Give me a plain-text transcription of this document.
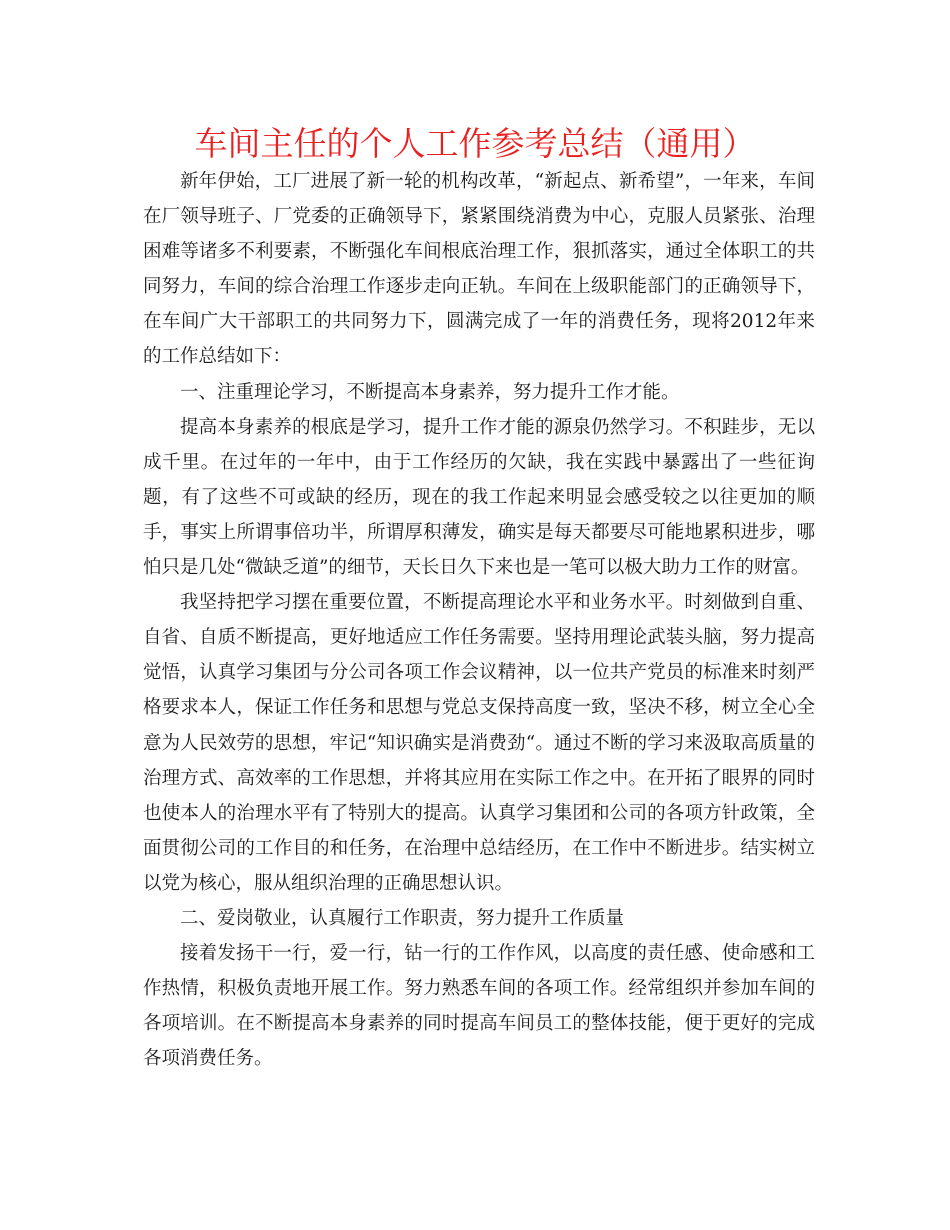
车间主任的个人工作参考总结（通用）

新年伊始，工厂进展了新一轮的机构改革，“新起点、新希望”，一年来，车间在厂领导班子、厂党委的正确领导下，紧紧围绕消费为中心，克服人员紧张、治理困难等诸多不利要素，不断强化车间根底治理工作，狠抓落实，通过全体职工的共同努力，车间的综合治理工作逐步走向正轨。车间在上级职能部门的正确领导下，在车间广大干部职工的共同努力下，圆满完成了一年的消费任务，现将2012年来的工作总结如下：

一、注重理论学习，不断提高本身素养，努力提升工作才能。

提高本身素养的根底是学习，提升工作才能的源泉仍然学习。不积跬步，无以成千里。在过年的一年中，由于工作经历的欠缺，我在实践中暴露出了一些征询题，有了这些不可或缺的经历，现在的我工作起来明显会感受较之以往更加的顺手，事实上所谓事倍功半，所谓厚积薄发，确实是每天都要尽可能地累积进步，哪怕只是几处“微缺乏道”的细节，天长日久下来也是一笔可以极大助力工作的财富。

我坚持把学习摆在重要位置，不断提高理论水平和业务水平。时刻做到自重、自省、自质不断提高，更好地适应工作任务需要。坚持用理论武装头脑，努力提高觉悟，认真学习集团与分公司各项工作会议精神，以一位共产党员的标准来时刻严格要求本人，保证工作任务和思想与党总支保持高度一致，坚决不移，树立全心全意为人民效劳的思想，牢记“知识确实是消费劲“。通过不断的学习来汲取高质量的治理方式、高效率的工作思想，并将其应用在实际工作之中。在开拓了眼界的同时也使本人的治理水平有了特别大的提高。认真学习集团和公司的各项方针政策，全面贯彻公司的工作目的和任务，在治理中总结经历，在工作中不断进步。结实树立以党为核心，服从组织治理的正确思想认识。

二、爱岗敬业，认真履行工作职责，努力提升工作质量

接着发扬干一行，爱一行，钻一行的工作作风，以高度的责任感、使命感和工作热情，积极负责地开展工作。努力熟悉车间的各项工作。经常组织并参加车间的各项培训。在不断提高本身素养的同时提高车间员工的整体技能，便于更好的完成各项消费任务。
